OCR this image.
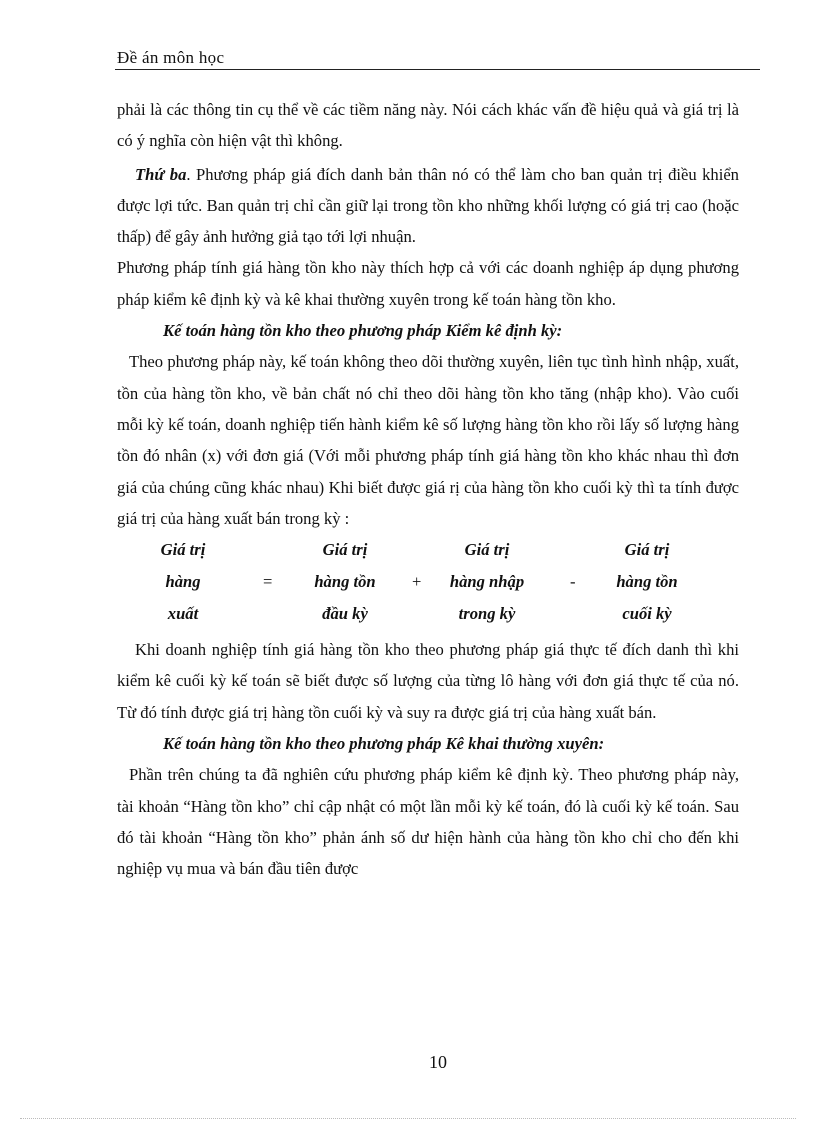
Đề án môn học

phải là các thông tin cụ thể về các tiềm năng này. Nói cách khác vấn đề hiệu quả và giá trị là có ý nghĩa còn hiện vật thì không.

Thứ ba. Phương pháp giá đích danh bản thân nó có thể làm cho ban quản trị điều khiển được lợi tức. Ban quản trị chỉ cần giữ lại trong tồn kho những khối lượng có giá trị cao (hoặc thấp) để gây ảnh hưởng giả tạo tới lợi nhuận.

Phương pháp tính giá hàng tồn kho này thích hợp cả với các doanh nghiệp áp dụng phương pháp kiểm kê định kỳ và kê khai thường xuyên trong kế toán hàng tồn kho.

Kế toán hàng tồn kho theo phương pháp Kiểm kê định kỳ:

Theo phương pháp này, kế toán không theo dõi thường xuyên, liên tục tình hình nhập, xuất, tồn của hàng tồn kho, về bản chất nó chỉ theo dõi hàng tồn kho tăng (nhập kho). Vào cuối mỗi kỳ kế toán, doanh nghiệp tiến hành kiểm kê số lượng hàng tồn kho rồi lấy số lượng hàng tồn đó nhân (x) với đơn giá (Với mỗi phương pháp tính giá hàng tồn kho khác nhau thì đơn giá của chúng cũng khác nhau) Khi biết được giá rị của hàng tồn kho cuối kỳ thì ta tính được giá trị của hàng xuất bán trong kỳ :

Giá trị
hàng
xuất
=
Giá trị
hàng tồn
đầu kỳ
+
Giá trị
hàng nhập
trong kỳ
-
Giá trị
hàng tồn
cuối kỳ

Khi doanh nghiệp tính giá hàng tồn kho theo phương pháp giá thực tế đích danh thì khi kiểm kê cuối kỳ kế toán sẽ biết được số lượng của từng lô hàng với đơn giá thực tế của nó. Từ đó tính được giá trị hàng tồn cuối kỳ và suy ra được giá trị của hàng xuất bán.

Kế toán hàng tồn kho theo phương pháp Kê khai thường xuyên:

Phần trên chúng ta đã nghiên cứu phương pháp kiểm kê định kỳ. Theo phương pháp này, tài khoản “Hàng tồn kho” chỉ cập nhật có một lần mỗi kỳ kế toán, đó là cuối kỳ kế toán. Sau đó tài khoản “Hàng tồn kho” phản ánh số dư hiện hành của hàng tồn kho chỉ cho đến khi nghiệp vụ mua và bán đầu tiên được

10
